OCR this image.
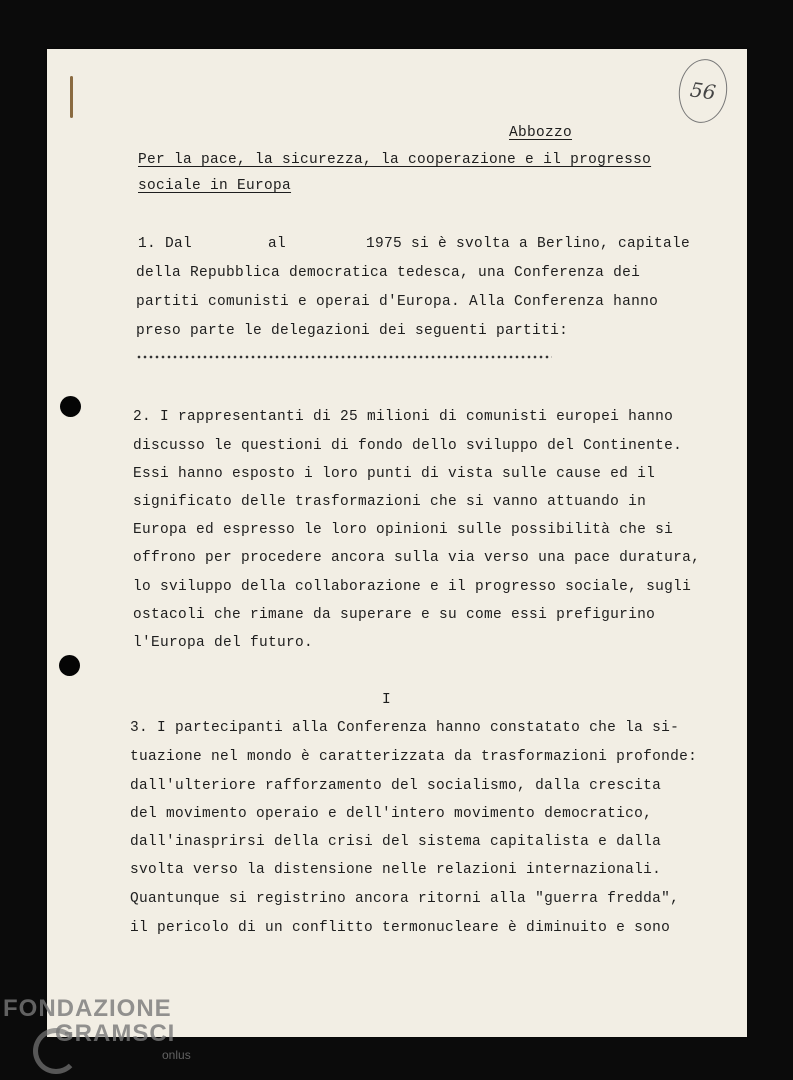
56
Abbozzo
Per la pace, la sicurezza, la cooperazione e il progresso
sociale in Europa
1. Dal	al	1975 si è svolta a Berlino, capitale
della Repubblica democratica tedesca, una Conferenza dei
partiti comunisti e operai d'Europa. Alla Conferenza hanno
preso parte le delegazioni dei seguenti partiti:
2. I rappresentanti di 25 milioni di comunisti europei hanno
discusso le questioni di fondo dello sviluppo del Continente.
Essi hanno esposto i loro punti di vista sulle cause ed il
significato delle trasformazioni che si vanno attuando in
Europa ed espresso le loro opinioni sulle possibilità che si
offrono per procedere ancora sulla via verso una pace duratura,
lo sviluppo della collaborazione e il progresso sociale, sugli
ostacoli che rimane da superare e su come essi prefigurino
l'Europa del futuro.
I
3. I partecipanti alla Conferenza hanno constatato che la si-
tuazione nel mondo è caratterizzata da trasformazioni profonde:
dall'ulteriore rafforzamento del socialismo, dalla crescita
del movimento operaio e dell'intero movimento democratico,
dall'inasprirsi della crisi del sistema capitalista e dalla
svolta verso la distensione nelle relazioni internazionali.
Quantunque si registrino ancora ritorni alla "guerra fredda",
il pericolo di un conflitto termonucleare è diminuito e sono
FONDAZIONE
GRAMSCI
onlus
